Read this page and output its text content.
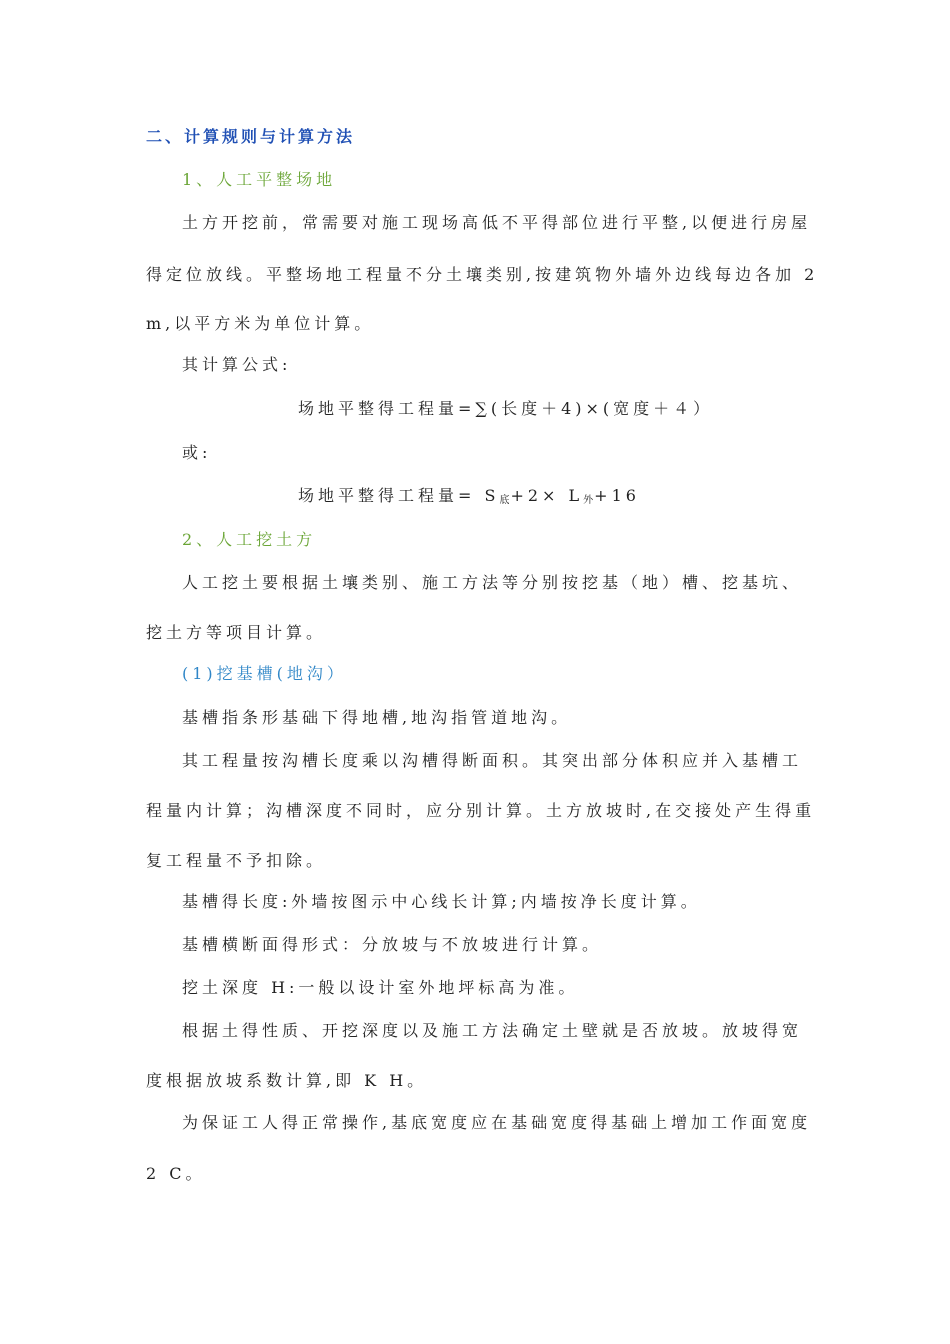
二、计算规则与计算方法
1、人工平整场地
土方开挖前，常需要对施工现场高低不平得部位进行平整,以便进行房屋
得定位放线。平整场地工程量不分土壤类别,按建筑物外墙外边线每边各加 2
m,以平方米为单位计算。
其计算公式:
场地平整得工程量=∑(长度＋4)×(宽度＋４）
或:
场地平整得工程量= $S_底+2\times L_外+16$
2、人工挖土方
人工挖土要根据土壤类别、施工方法等分别按挖基（地）槽、挖基坑、
挖土方等项目计算。
(1)挖基槽(地沟）
基槽指条形基础下得地槽,地沟指管道地沟。
其工程量按沟槽长度乘以沟槽得断面积。其突出部分体积应并入基槽工
程量内计算；沟槽深度不同时，应分别计算。土方放坡时,在交接处产生得重
复工程量不予扣除。
基槽得长度:外墙按图示中心线长计算;内墙按净长度计算。
基槽横断面得形式：分放坡与不放坡进行计算。
挖土深度 H:一般以设计室外地坪标高为准。
根据土得性质、开挖深度以及施工方法确定土壁就是否放坡。放坡得宽
度根据放坡系数计算,即 K H。
为保证工人得正常操作,基底宽度应在基础宽度得基础上增加工作面宽度
2 C。
